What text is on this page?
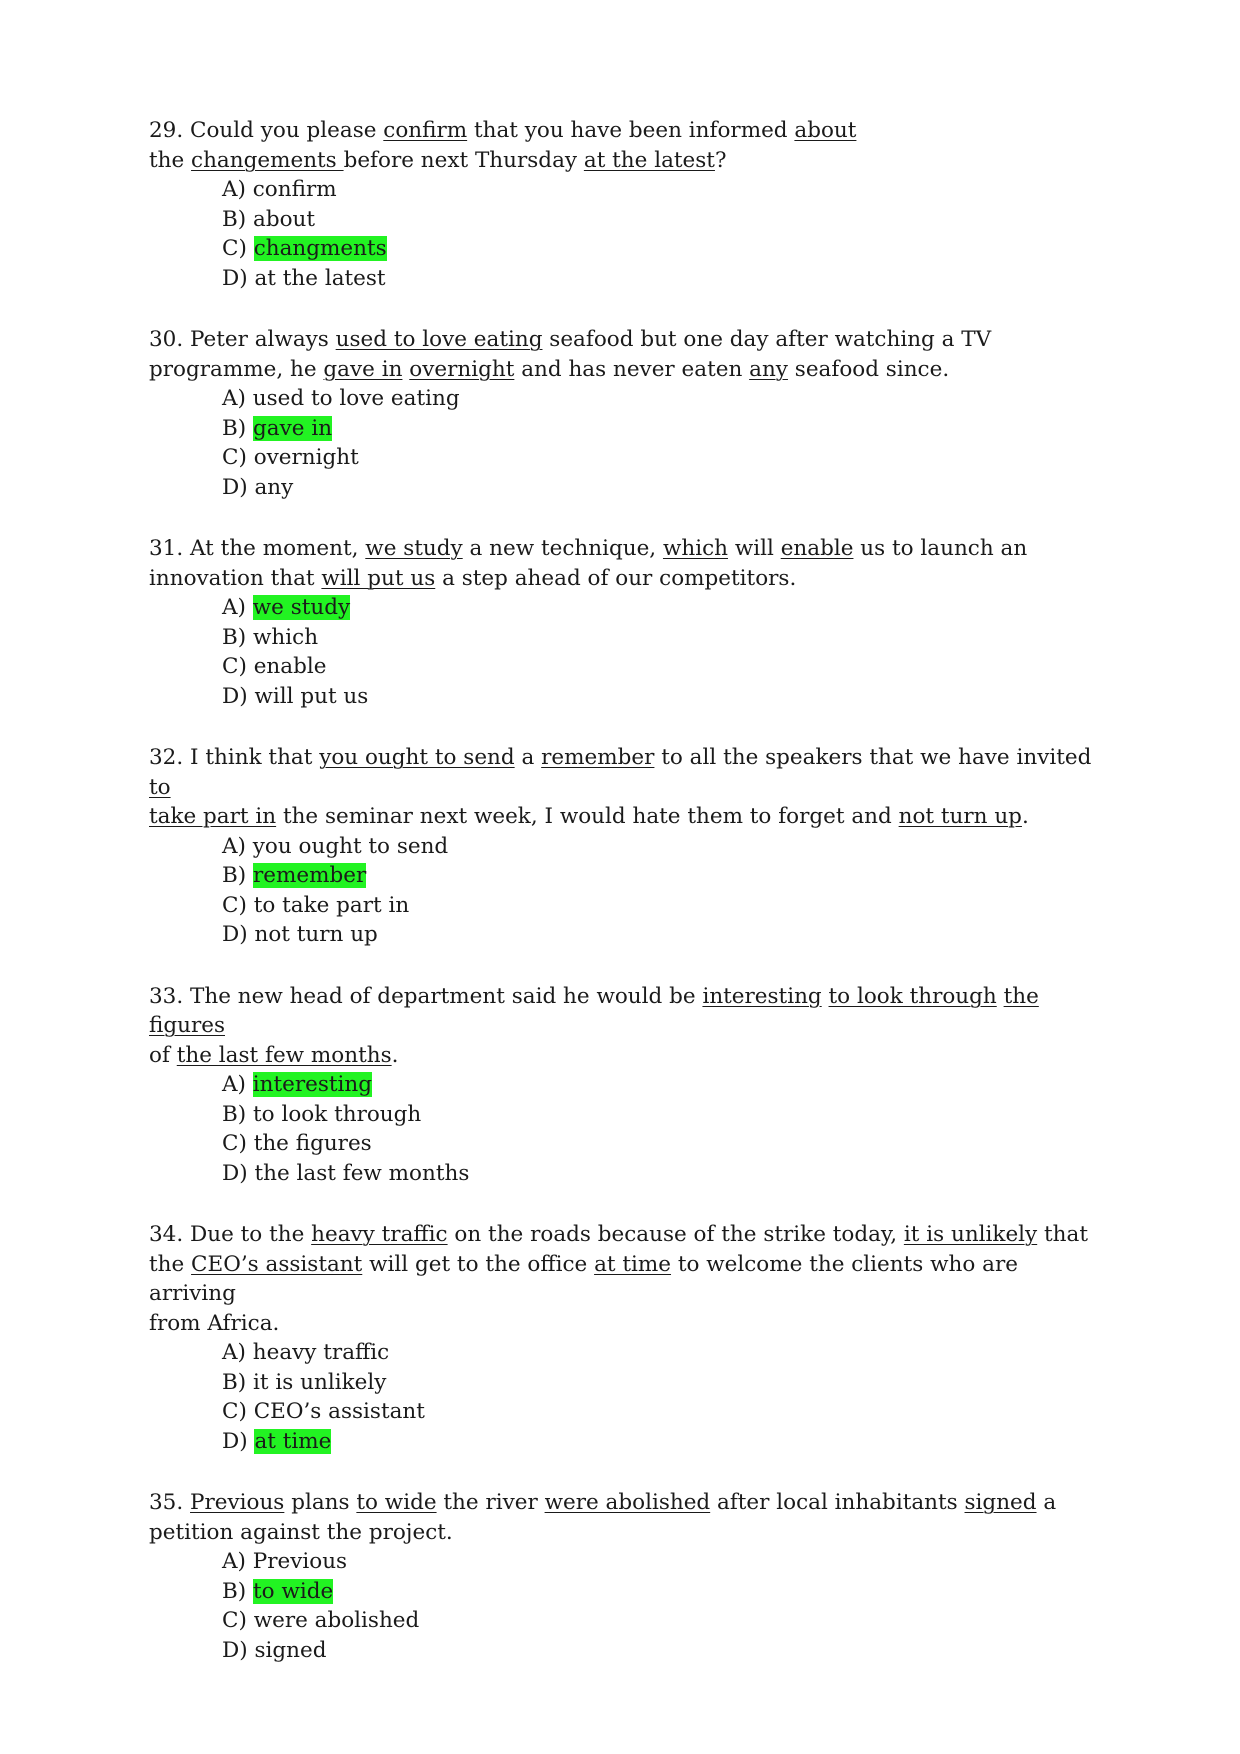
29. Could you please confirm that you have been informed about
the changements before next Thursday at the latest?

A) confirm
B) about
C) changments
D) at the latest

30. Peter always used to love eating seafood but one day after watching a TV
programme, he gave in overnight and has never eaten any seafood since.

A) used to love eating
B) gave in
C) overnight
D) any

31. At the moment, we study a new technique, which will enable us to launch an
innovation that will put us a step ahead of our competitors.

A) we study
B) which
C) enable
D) will put us

32. I think that you ought to send a remember to all the speakers that we have invited to
take part in the seminar next week, I would hate them to forget and not turn up.

A) you ought to send
B) remember
C) to take part in
D) not turn up

33. The new head of department said he would be interesting to look through the figures
of the last few months.

A) interesting
B) to look through
C) the figures
D) the last few months

34. Due to the heavy traffic on the roads because of the strike today, it is unlikely that
the CEO’s assistant will get to the office at time to welcome the clients who are arriving
from Africa.

A) heavy traffic
B) it is unlikely
C) CEO’s assistant
D) at time

35. Previous plans to wide the river were abolished after local inhabitants signed a
petition against the project.

A) Previous
B) to wide
C) were abolished
D) signed
